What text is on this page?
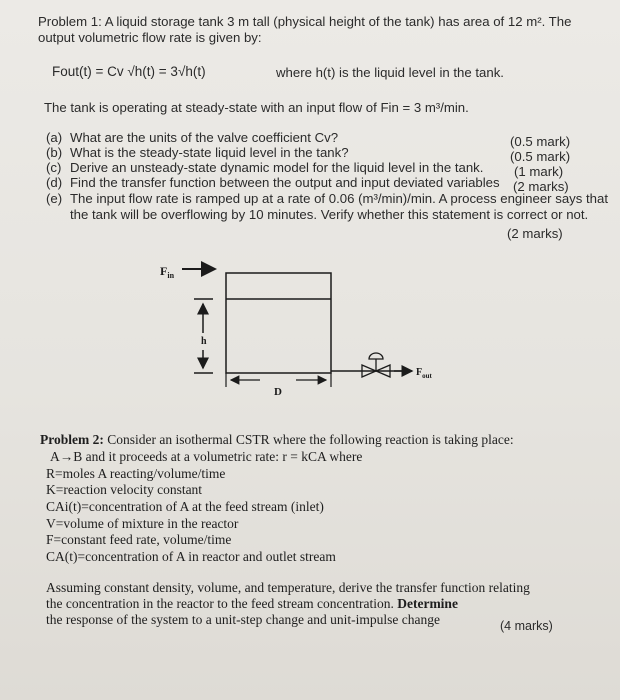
Problem 1: A liquid storage tank 3 m tall (physical height of the tank) has area of 12 m². The
output volumetric flow rate is given by:
Fout(t) = Cv √h(t) = 3√h(t)	where h(t) is the liquid level in the tank.
The tank is operating at steady-state with an input flow of Fin = 3 m³/min.
(a) What are the units of the valve coefficient Cv?	(0.5 mark)
(b) What is the steady-state liquid level in the tank?	(0.5 mark)
(c) Derive an unsteady-state dynamic model for the liquid level in the tank. (1 mark)
(d) Find the transfer function between the output and input deviated variables (2 marks)
(e) The input flow rate is ramped up at a rate of 0.06 (m³/min)/min. A process engineer says that
the tank will be overflowing by 10 minutes. Verify whether this statement is correct or not.
(2 marks)
$F_{in}$
h
D
$F_{out}$
Problem 2: Consider an isothermal CSTR where the following reaction is taking place:
A→B and it proceeds at a volumetric rate: r = kCA where
R=moles A reacting/volume/time
K=reaction velocity constant
CAi(t)=concentration of A at the feed stream (inlet)
V=volume of mixture in the reactor
F=constant feed rate, volume/time
CA(t)=concentration of A in reactor and outlet stream
Assuming constant density, volume, and temperature, derive the transfer function relating
the concentration in the reactor to the feed stream concentration. Determine
the response of the system to a unit-step change and unit-impulse change	(4 marks)
